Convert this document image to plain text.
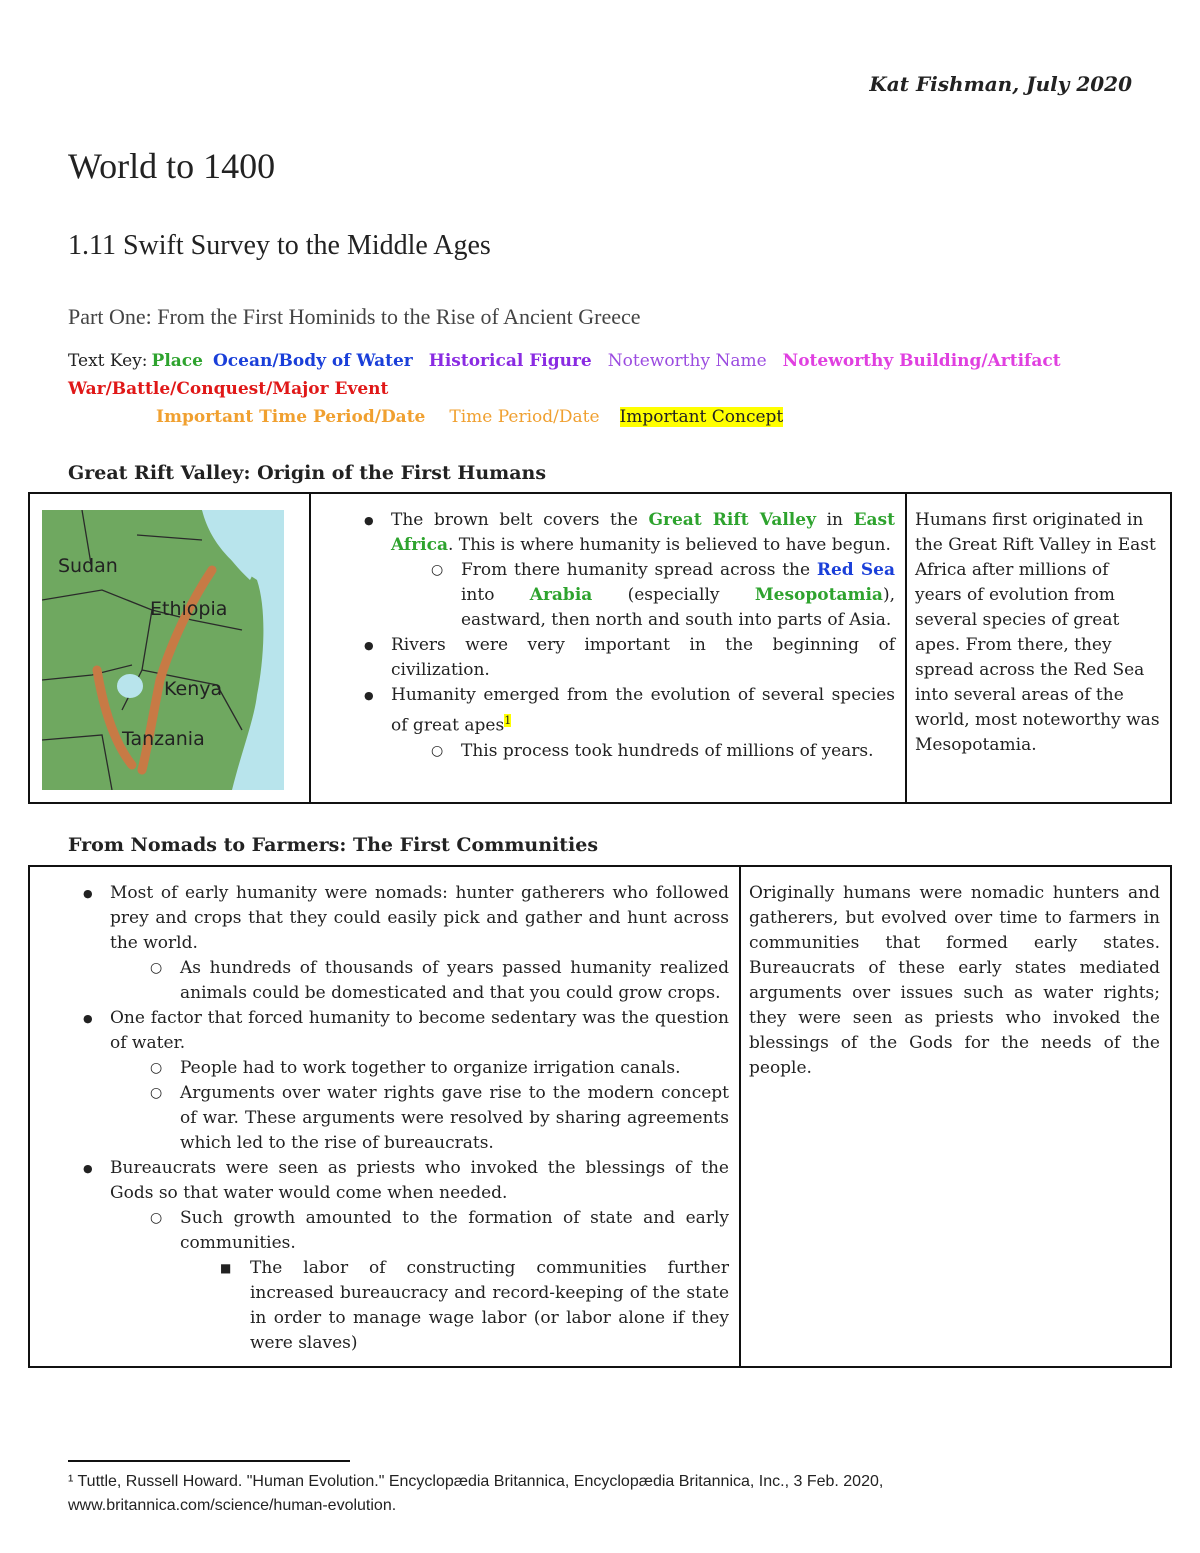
Kat Fishman, July 2020
World to 1400
1.11 Swift Survey to the Middle Ages
Part One: From the First Hominids to the Rise of Ancient Greece
Text Key: Place Ocean/Body of Water Historical Figure Noteworthy Name Noteworthy Building/Artifact
War/Battle/Conquest/Major Event
Important Time Period/Date Time Period/Date Important Concept
Great Rift Valley: Origin of the First Humans
Sudan
Ethiopia
Kenya
Tanzania

● The brown belt covers the Great Rift Valley in East Africa. This is where humanity is believed to have begun.
○ From there humanity spread across the Red Sea into Arabia (especially Mesopotamia), eastward, then north and south into parts of Asia.
● Rivers were very important in the beginning of civilization.
● Humanity emerged from the evolution of several species of great apes$^1$
○ This process took hundreds of millions of years.

Humans first originated in the Great Rift Valley in East Africa after millions of years of evolution from several species of great apes. From there, they spread across the Red Sea into several areas of the world, most noteworthy was Mesopotamia.
From Nomads to Farmers: The First Communities
● Most of early humanity were nomads: hunter gatherers who followed prey and crops that they could easily pick and gather and hunt across the world.
○ As hundreds of thousands of years passed humanity realized animals could be domesticated and that you could grow crops.
● One factor that forced humanity to become sedentary was the question of water.
○ People had to work together to organize irrigation canals.
○ Arguments over water rights gave rise to the modern concept of war. These arguments were resolved by sharing agreements which led to the rise of bureaucrats.
● Bureaucrats were seen as priests who invoked the blessings of the Gods so that water would come when needed.
○ Such growth amounted to the formation of state and early communities.
■ The labor of constructing communities further increased bureaucracy and record-keeping of the state in order to manage wage labor (or labor alone if they were slaves)

Originally humans were nomadic hunters and gatherers, but evolved over time to farmers in communities that formed early states. Bureaucrats of these early states mediated arguments over issues such as water rights; they were seen as priests who invoked the blessings of the Gods for the needs of the people.
¹ Tuttle, Russell Howard. "Human Evolution." Encyclopædia Britannica, Encyclopædia Britannica, Inc., 3 Feb. 2020, www.britannica.com/science/human-evolution.
